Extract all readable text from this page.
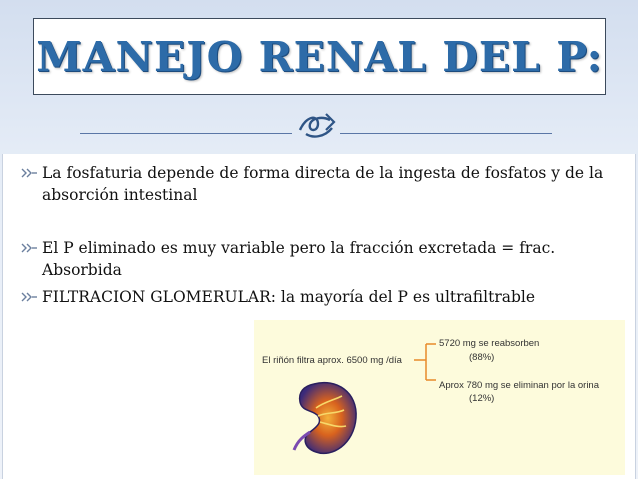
MANEJO RENAL DEL P:
La fosfaturia depende de forma directa de la ingesta de fosfatos y de la absorción intestinal
El P eliminado es muy variable pero la fracción excretada = frac. Absorbida
FILTRACION GLOMERULAR: la mayoría del P es ultrafiltrable
El riñón filtra aprox. 6500 mg /día
5720 mg se reabsorben
(88%)
Aprox 780 mg se eliminan por la orina
(12%)
